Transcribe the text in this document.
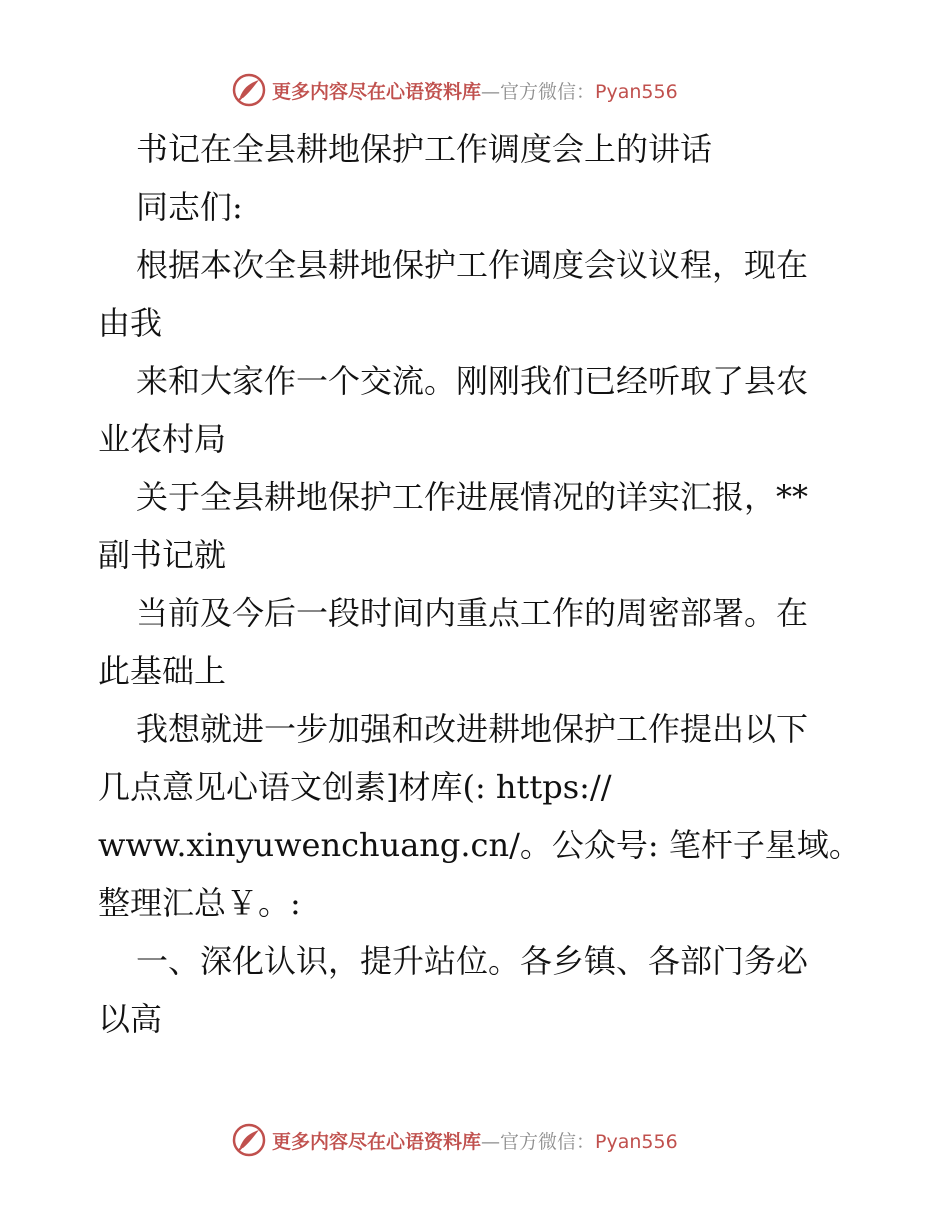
更多内容尽在心语资料库—官方微信：Pyan556
书记在全县耕地保护工作调度会上的讲话
同志们:
根据本次全县耕地保护工作调度会议议程，现在
由我
来和大家作一个交流。刚刚我们已经听取了县农
业农村局
关于全县耕地保护工作进展情况的详实汇报，**
副书记就
当前及今后一段时间内重点工作的周密部署。在
此基础上
我想就进一步加强和改进耕地保护工作提出以下
几点意见心语文创素]材库(: https://
www.xinyuwenchuang.cn/。公众号: 笔杆子星域。
整理汇总￥。:
一、深化认识，提升站位。各乡镇、各部门务必
以高
更多内容尽在心语资料库—官方微信：Pyan556
